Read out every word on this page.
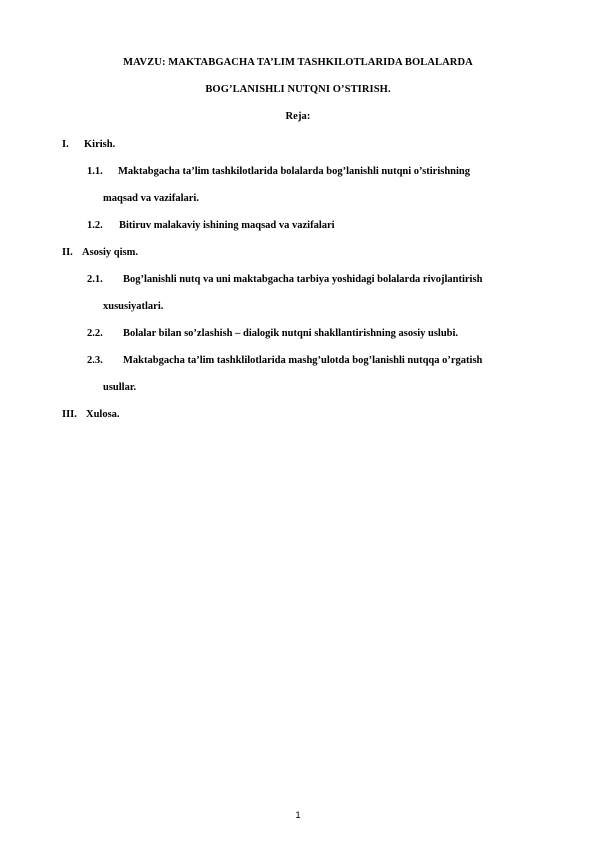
MAVZU: MAKTABGACHA TA’LIM TASHKILOTLARIDA BOLALARDA
BOG’LANISHLI NUTQNI O’STIRISH.
Reja:
I. Kirish.
1.1. Maktabgacha ta’lim tashkilotlarida bolalarda bog’lanishli nutqni o’stirishning
maqsad va vazifalari.
1.2. Bitiruv malakaviy ishining maqsad va vazifalari
II. Asosiy qism.
2.1. Bog’lanishli nutq va uni maktabgacha tarbiya yoshidagi bolalarda rivojlantirish
xususiyatlari.
2.2. Bolalar bilan so’zlashish – dialogik nutqni shakllantirishning asosiy uslubi.
2.3. Maktabgacha ta’lim tashklilotlarida mashg’ulotda bog’lanishli nutqqa o’rgatish
usullar.
III. Xulosa.
1
